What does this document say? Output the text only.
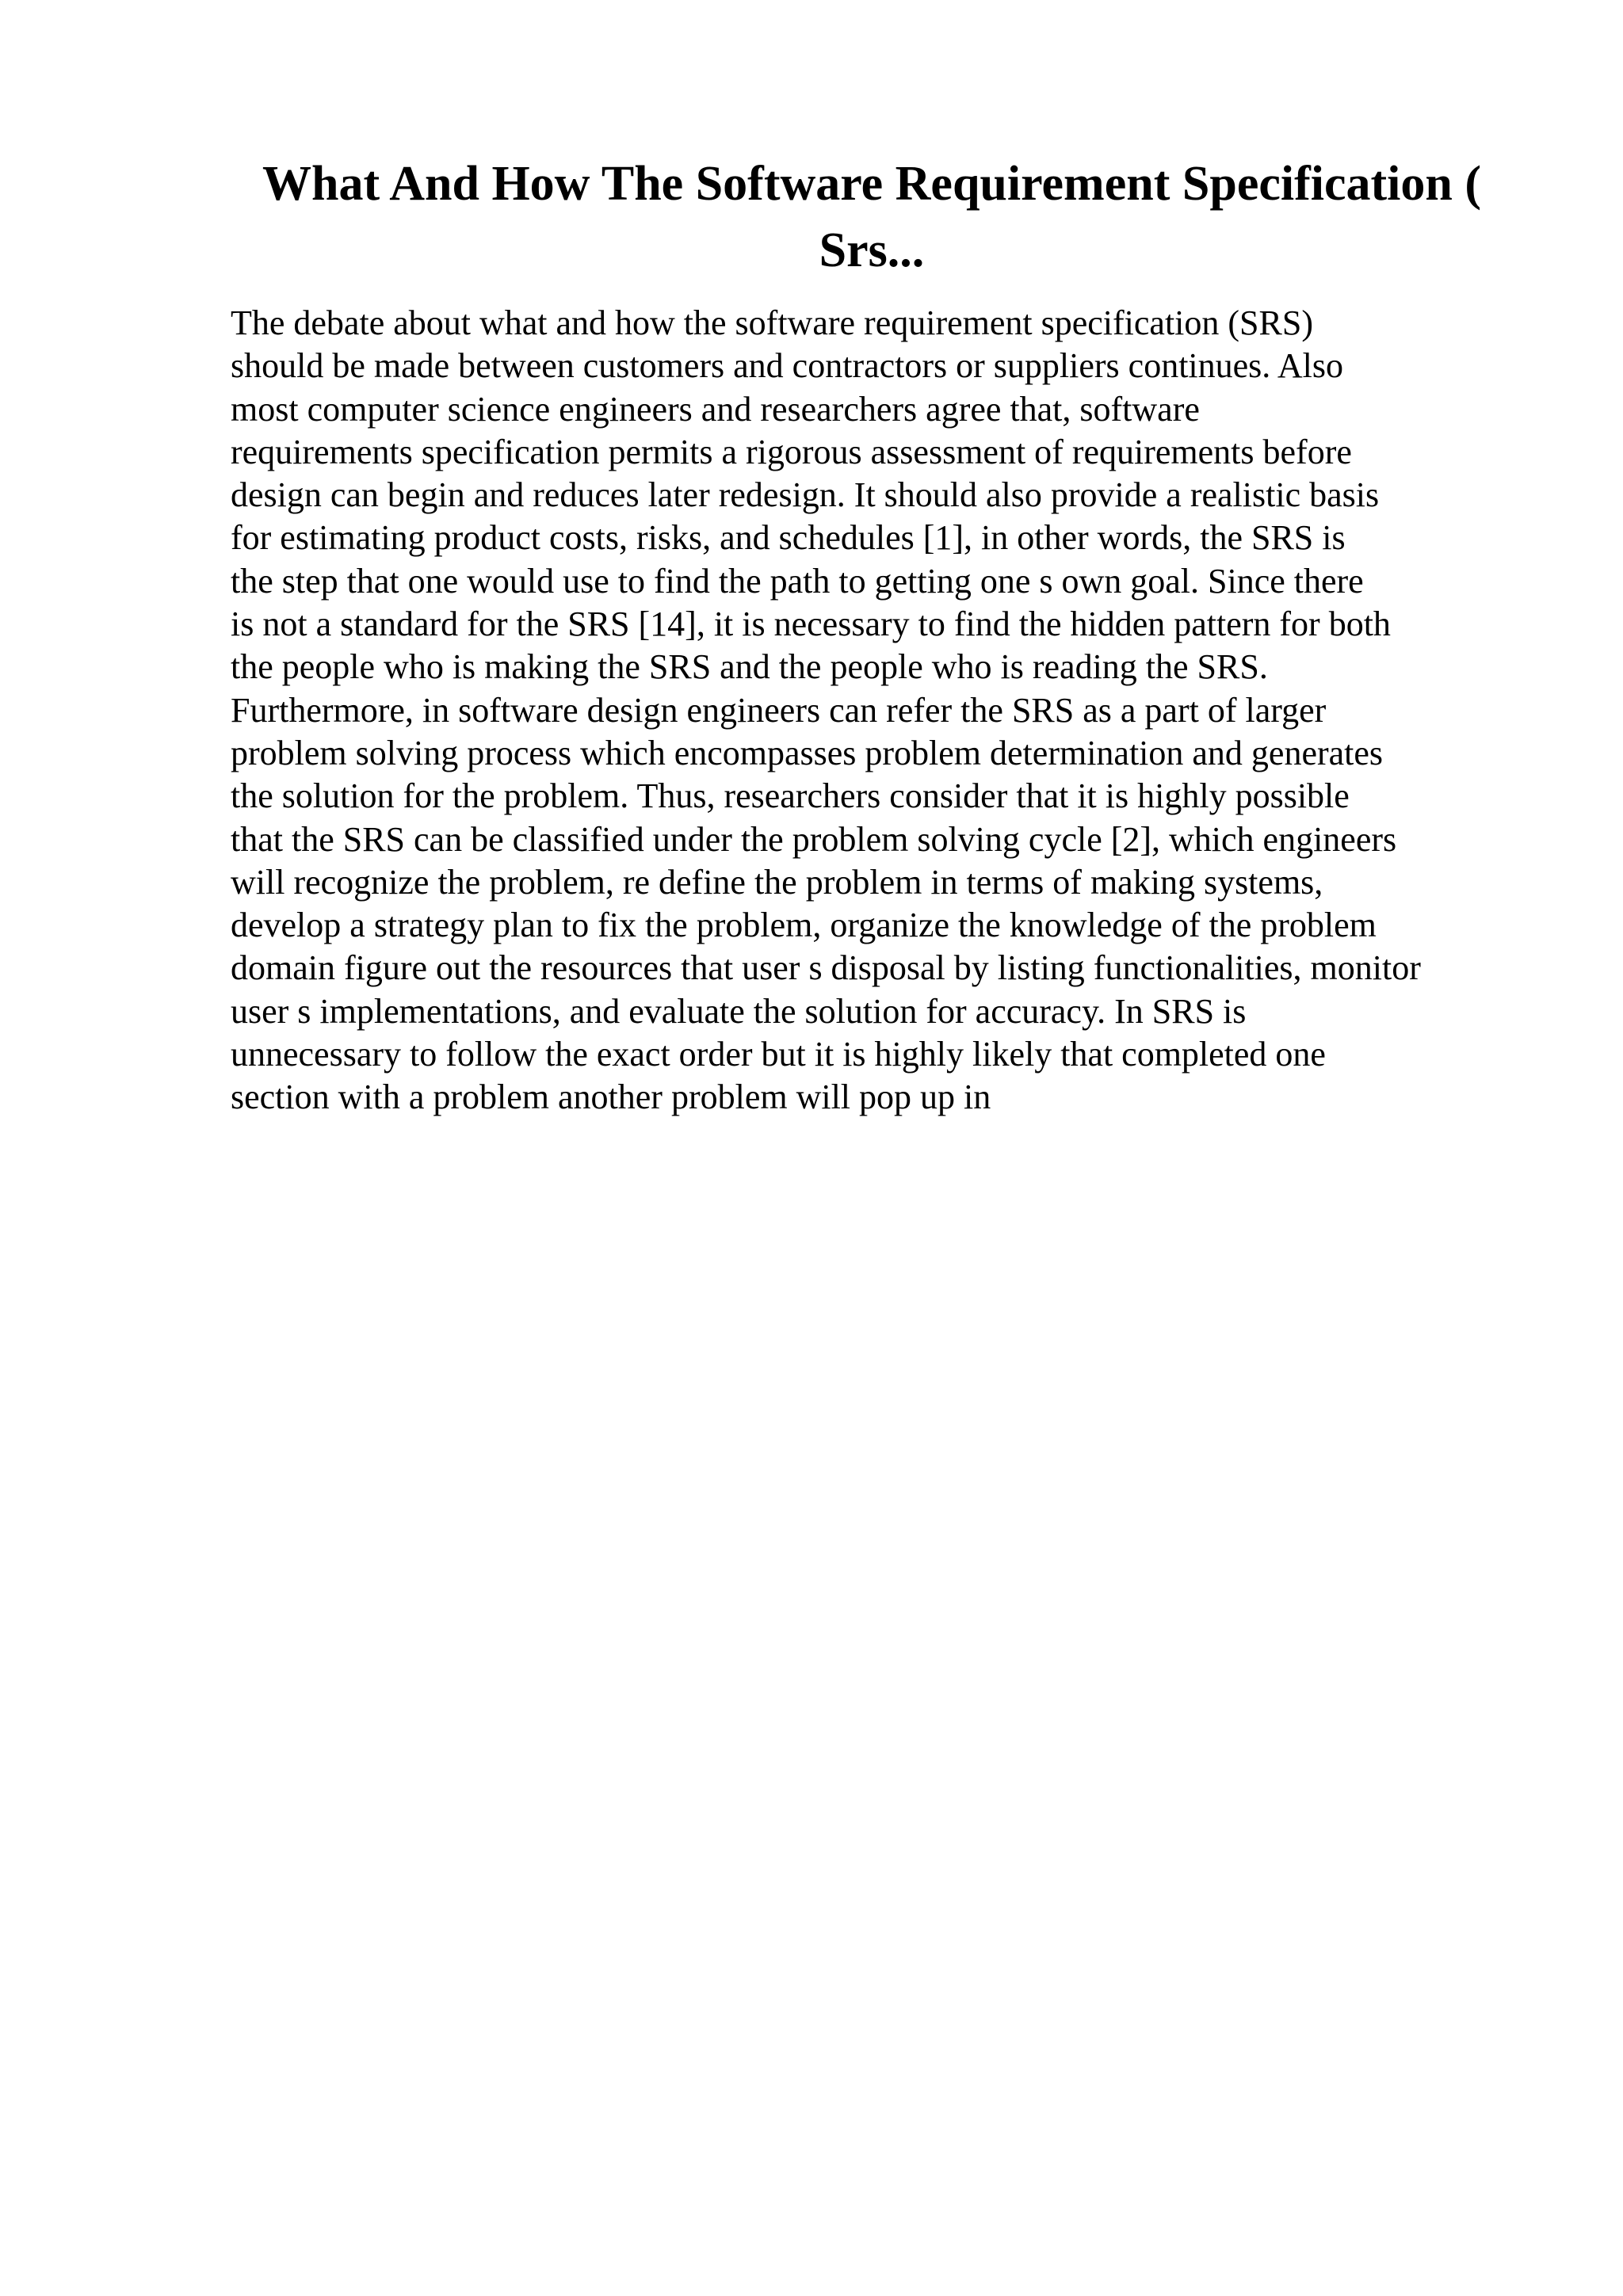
What And How The Software Requirement Specification (
Srs...
The debate about what and how the software requirement specification (SRS)
should be made between customers and contractors or suppliers continues. Also
most computer science engineers and researchers agree that, software
requirements specification permits a rigorous assessment of requirements before
design can begin and reduces later redesign. It should also provide a realistic basis
for estimating product costs, risks, and schedules [1], in other words, the SRS is
the step that one would use to find the path to getting one s own goal. Since there
is not a standard for the SRS [14], it is necessary to find the hidden pattern for both
the people who is making the SRS and the people who is reading the SRS.
Furthermore, in software design engineers can refer the SRS as a part of larger
problem solving process which encompasses problem determination and generates
the solution for the problem. Thus, researchers consider that it is highly possible
that the SRS can be classified under the problem solving cycle [2], which engineers
will recognize the problem, re define the problem in terms of making systems,
develop a strategy plan to fix the problem, organize the knowledge of the problem
domain figure out the resources that user s disposal by listing functionalities, monitor
user s implementations, and evaluate the solution for accuracy. In SRS is
unnecessary to follow the exact order but it is highly likely that completed one
section with a problem another problem will pop up in
